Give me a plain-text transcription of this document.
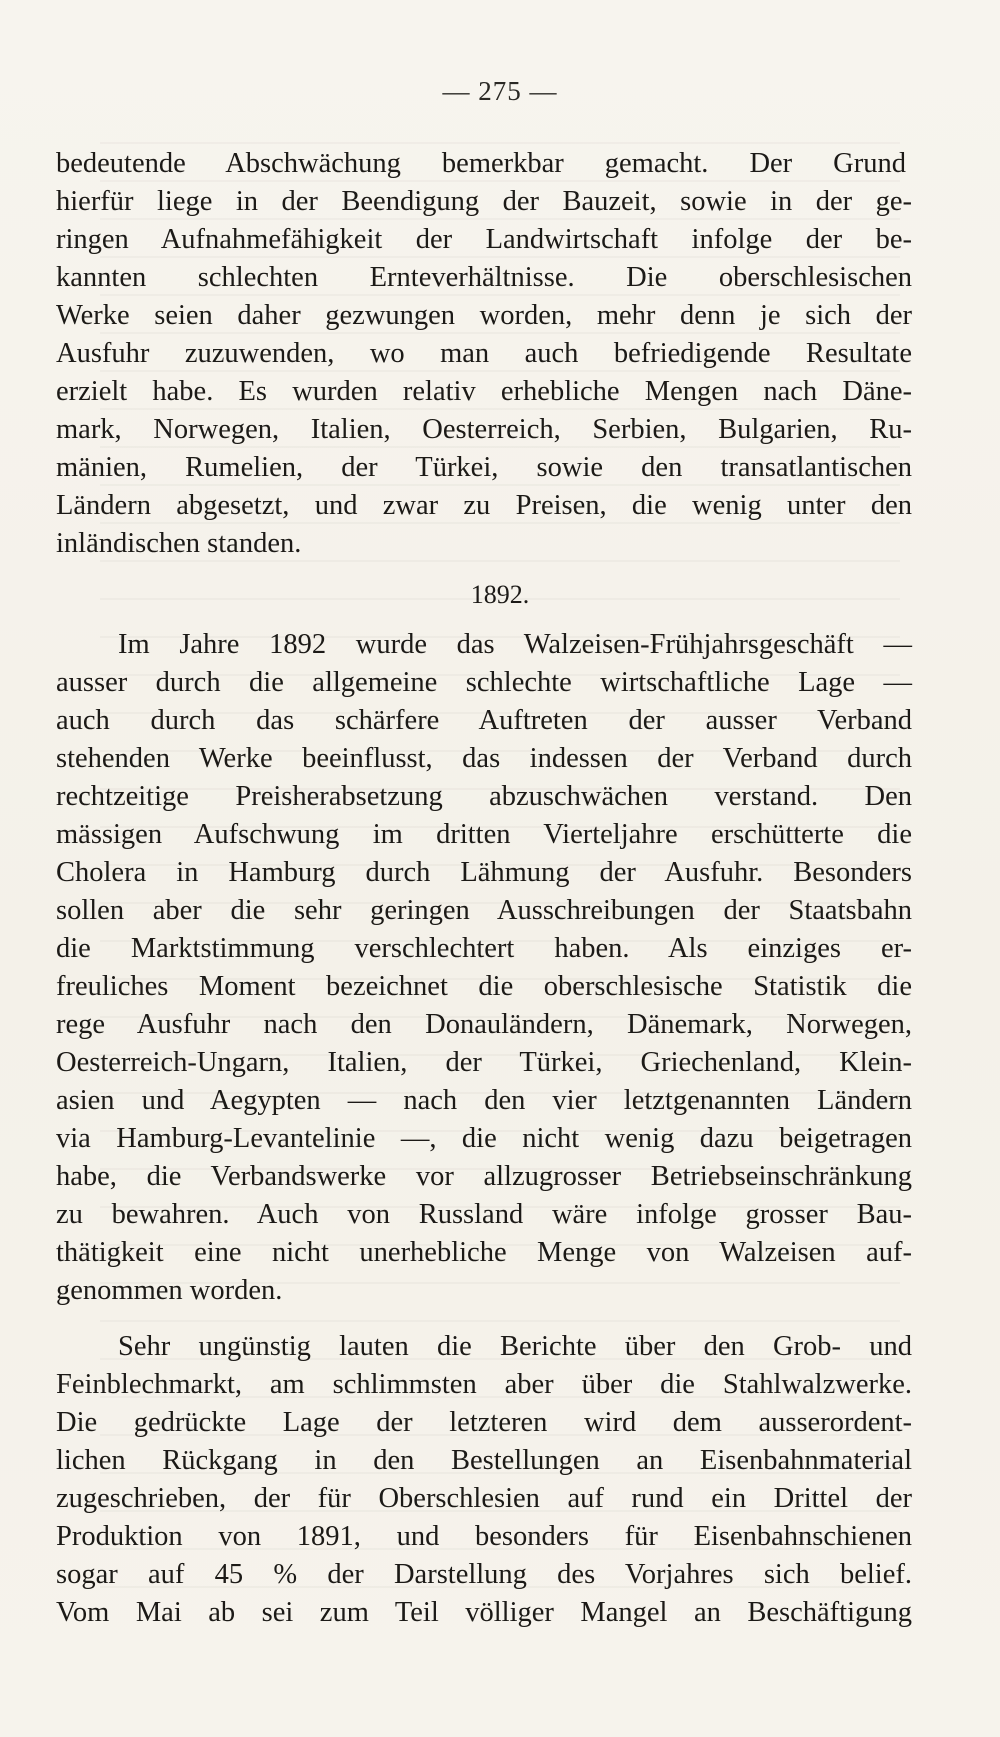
— 275 —
bedeutende Abschwächung bemerkbar gemacht. Der Grund
hierfür liege in der Beendigung der Bauzeit, sowie in der ge-
ringen Aufnahmefähigkeit der Landwirtschaft infolge der be-
kannten schlechten Ernteverhältnisse. Die oberschlesischen
Werke seien daher gezwungen worden, mehr denn je sich der
Ausfuhr zuzuwenden, wo man auch befriedigende Resultate
erzielt habe. Es wurden relativ erhebliche Mengen nach Däne-
mark, Norwegen, Italien, Oesterreich, Serbien, Bulgarien, Ru-
mänien, Rumelien, der Türkei, sowie den transatlantischen
Ländern abgesetzt, und zwar zu Preisen, die wenig unter den
inländischen standen.
1892.
Im Jahre 1892 wurde das Walzeisen-Frühjahrsgeschäft —
ausser durch die allgemeine schlechte wirtschaftliche Lage —
auch durch das schärfere Auftreten der ausser Verband
stehenden Werke beeinflusst, das indessen der Verband durch
rechtzeitige Preisherabsetzung abzuschwächen verstand. Den
mässigen Aufschwung im dritten Vierteljahre erschütterte die
Cholera in Hamburg durch Lähmung der Ausfuhr. Besonders
sollen aber die sehr geringen Ausschreibungen der Staatsbahn
die Marktstimmung verschlechtert haben. Als einziges er-
freuliches Moment bezeichnet die oberschlesische Statistik die
rege Ausfuhr nach den Donauländern, Dänemark, Norwegen,
Oesterreich-Ungarn, Italien, der Türkei, Griechenland, Klein-
asien und Aegypten — nach den vier letztgenannten Ländern
via Hamburg-Levantelinie —, die nicht wenig dazu beigetragen
habe, die Verbandswerke vor allzugrosser Betriebseinschränkung
zu bewahren. Auch von Russland wäre infolge grosser Bau-
thätigkeit eine nicht unerhebliche Menge von Walzeisen auf-
genommen worden.
Sehr ungünstig lauten die Berichte über den Grob- und
Feinblechmarkt, am schlimmsten aber über die Stahlwalzwerke.
Die gedrückte Lage der letzteren wird dem ausserordent-
lichen Rückgang in den Bestellungen an Eisenbahnmaterial
zugeschrieben, der für Oberschlesien auf rund ein Drittel der
Produktion von 1891, und besonders für Eisenbahnschienen
sogar auf 45 % der Darstellung des Vorjahres sich belief.
Vom Mai ab sei zum Teil völliger Mangel an Beschäftigung
